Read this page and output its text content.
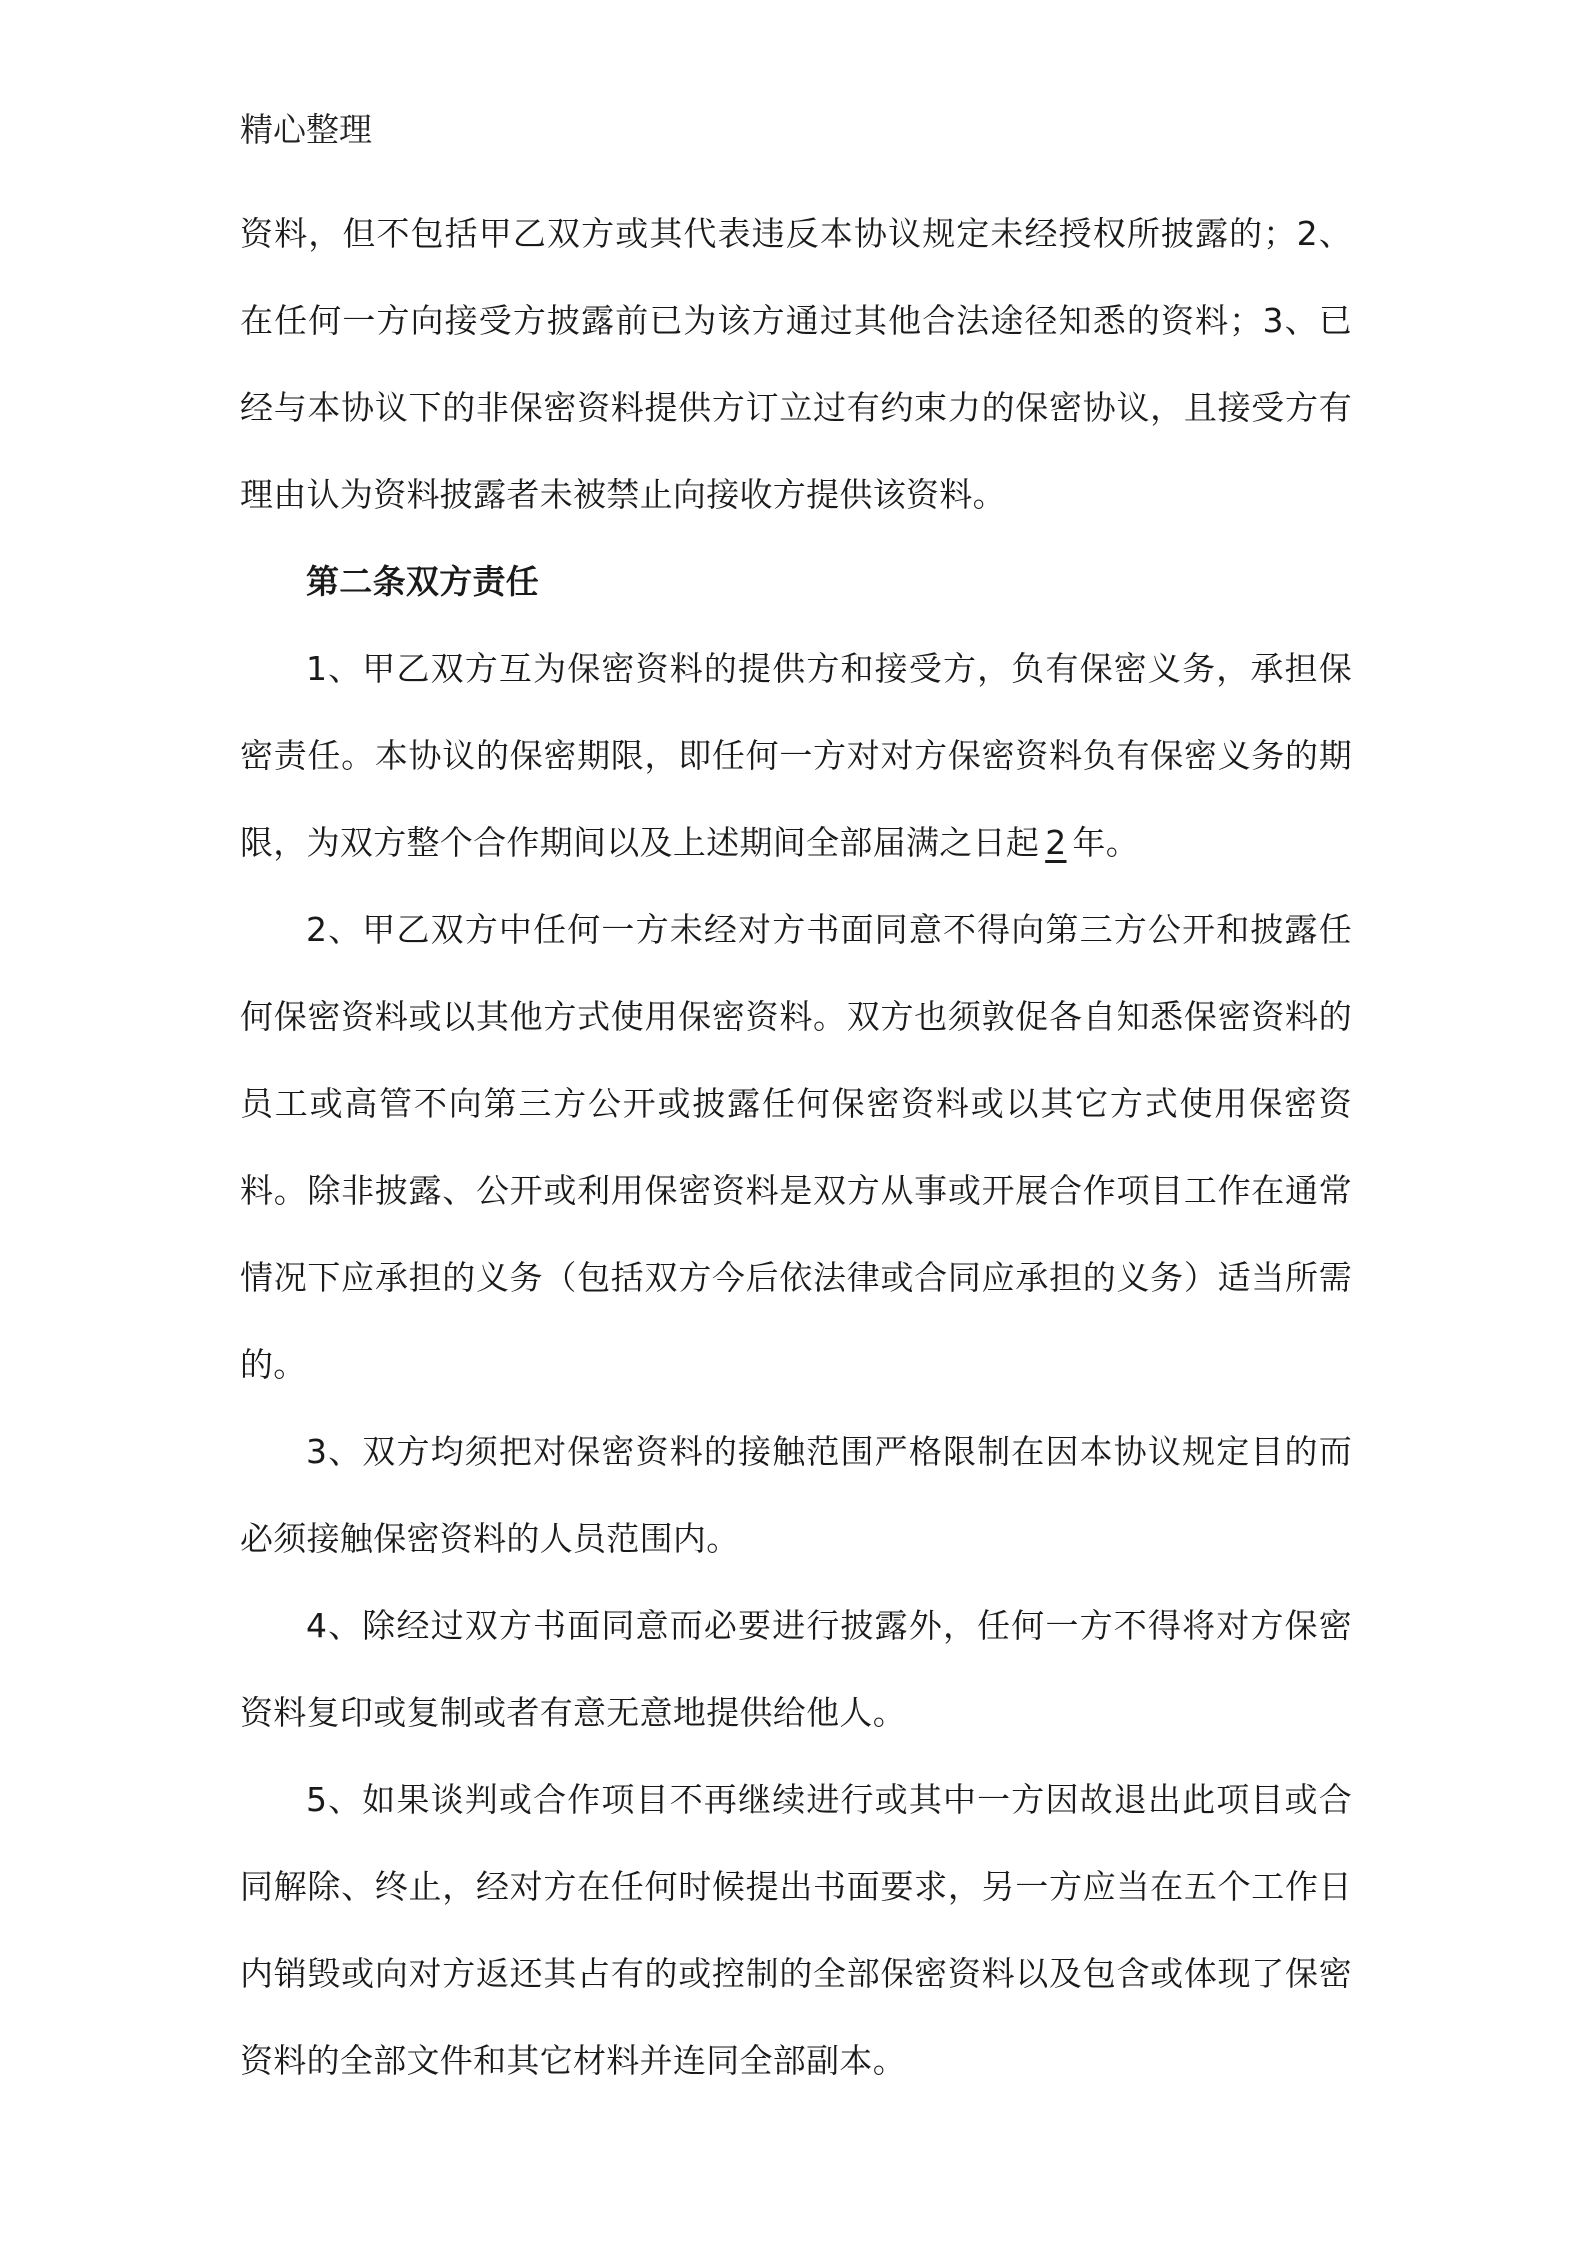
精心整理

资料，但不包括甲乙双方或其代表违反本协议规定未经授权所披露的；2、在任何一方向接受方披露前已为该方通过其他合法途径知悉的资料；3、已经与本协议下的非保密资料提供方订立过有约束力的保密协议，且接受方有理由认为资料披露者未被禁止向接收方提供该资料。

第二条双方责任

1、甲乙双方互为保密资料的提供方和接受方，负有保密义务，承担保密责任。本协议的保密期限，即任何一方对对方保密资料负有保密义务的期限，为双方整个合作期间以及上述期间全部届满之日起 2 年。

2、甲乙双方中任何一方未经对方书面同意不得向第三方公开和披露任何保密资料或以其他方式使用保密资料。双方也须敦促各自知悉保密资料的员工或高管不向第三方公开或披露任何保密资料或以其它方式使用保密资料。除非披露、公开或利用保密资料是双方从事或开展合作项目工作在通常情况下应承担的义务（包括双方今后依法律或合同应承担的义务）适当所需的。

3、双方均须把对保密资料的接触范围严格限制在因本协议规定目的而必须接触保密资料的人员范围内。

4、除经过双方书面同意而必要进行披露外，任何一方不得将对方保密资料复印或复制或者有意无意地提供给他人。

5、如果谈判或合作项目不再继续进行或其中一方因故退出此项目或合同解除、终止，经对方在任何时候提出书面要求，另一方应当在五个工作日内销毁或向对方返还其占有的或控制的全部保密资料以及包含或体现了保密资料的全部文件和其它材料并连同全部副本。
